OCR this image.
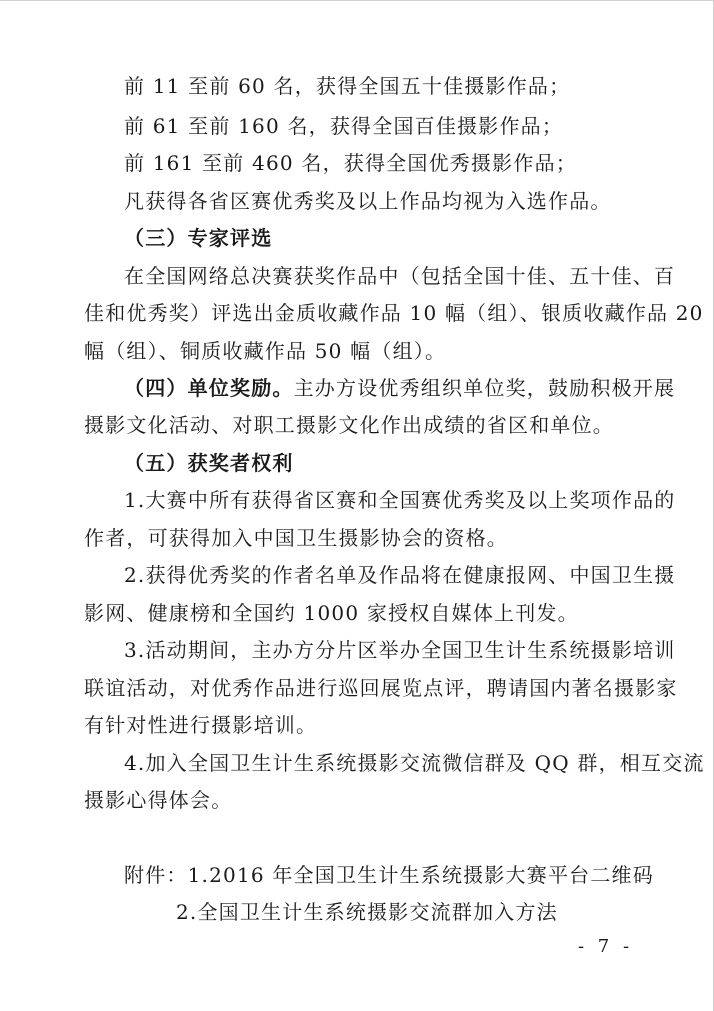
前 11 至前 60 名，获得全国五十佳摄影作品；
前 61 至前 160 名，获得全国百佳摄影作品；
前 161 至前 460 名，获得全国优秀摄影作品；
凡获得各省区赛优秀奖及以上作品均视为入选作品。
（三）专家评选
在全国网络总决赛获奖作品中（包括全国十佳、五十佳、百
佳和优秀奖）评选出金质收藏作品 10 幅（组）、银质收藏作品 20
幅（组）、铜质收藏作品 50 幅（组）。
（四）单位奖励。主办方设优秀组织单位奖，鼓励积极开展
摄影文化活动、对职工摄影文化作出成绩的省区和单位。
（五）获奖者权利
1.大赛中所有获得省区赛和全国赛优秀奖及以上奖项作品的
作者，可获得加入中国卫生摄影协会的资格。
2.获得优秀奖的作者名单及作品将在健康报网、中国卫生摄
影网、健康榜和全国约 1000 家授权自媒体上刊发。
3.活动期间，主办方分片区举办全国卫生计生系统摄影培训
联谊活动，对优秀作品进行巡回展览点评，聘请国内著名摄影家
有针对性进行摄影培训。
4.加入全国卫生计生系统摄影交流微信群及 QQ 群，相互交流
摄影心得体会。
附件：1.2016 年全国卫生计生系统摄影大赛平台二维码
2.全国卫生计生系统摄影交流群加入方法
- 7 -
